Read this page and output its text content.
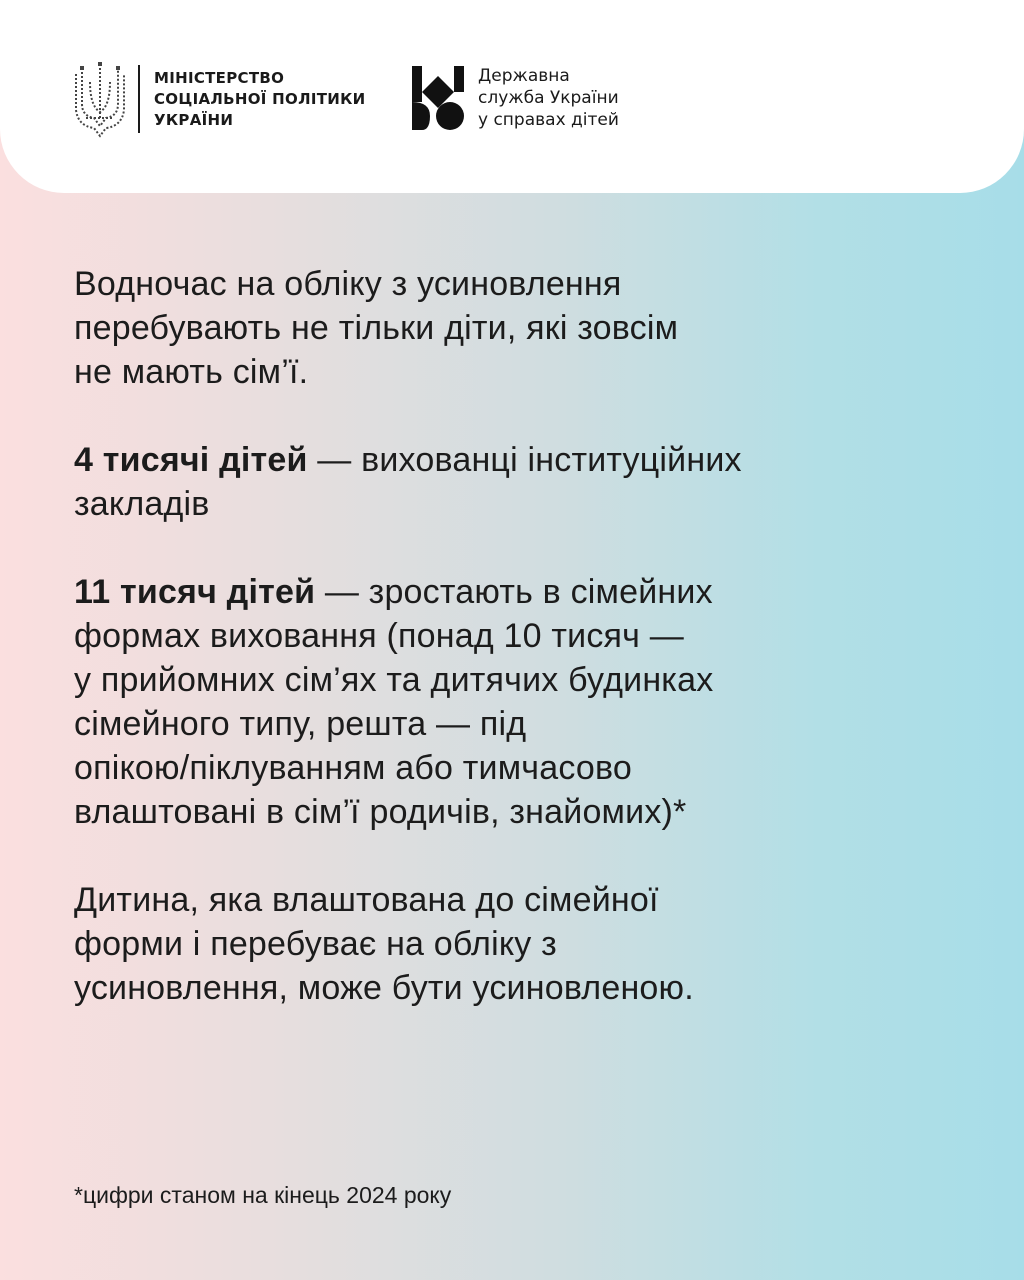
МІНІСТЕРСТВО
СОЦІАЛЬНОЇ ПОЛІТИКИ
УКРАЇНИ
Державна
служба України
у справах дітей

Водночас на обліку з усиновлення
перебувають не тільки діти, які зовсім
не мають сім’ї.

4 тисячі дітей — вихованці інституційних
закладів

11 тисяч дітей — зростають в сімейних
формах виховання (понад 10 тисяч —
у прийомних сім’ях та дитячих будинках
сімейного типу, решта — під
опікою/піклуванням або тимчасово
влаштовані в сім’ї родичів, знайомих)*

Дитина, яка влаштована до сімейної
форми і перебуває на обліку з
усиновлення, може бути усиновленою.

*цифри станом на кінець 2024 року
